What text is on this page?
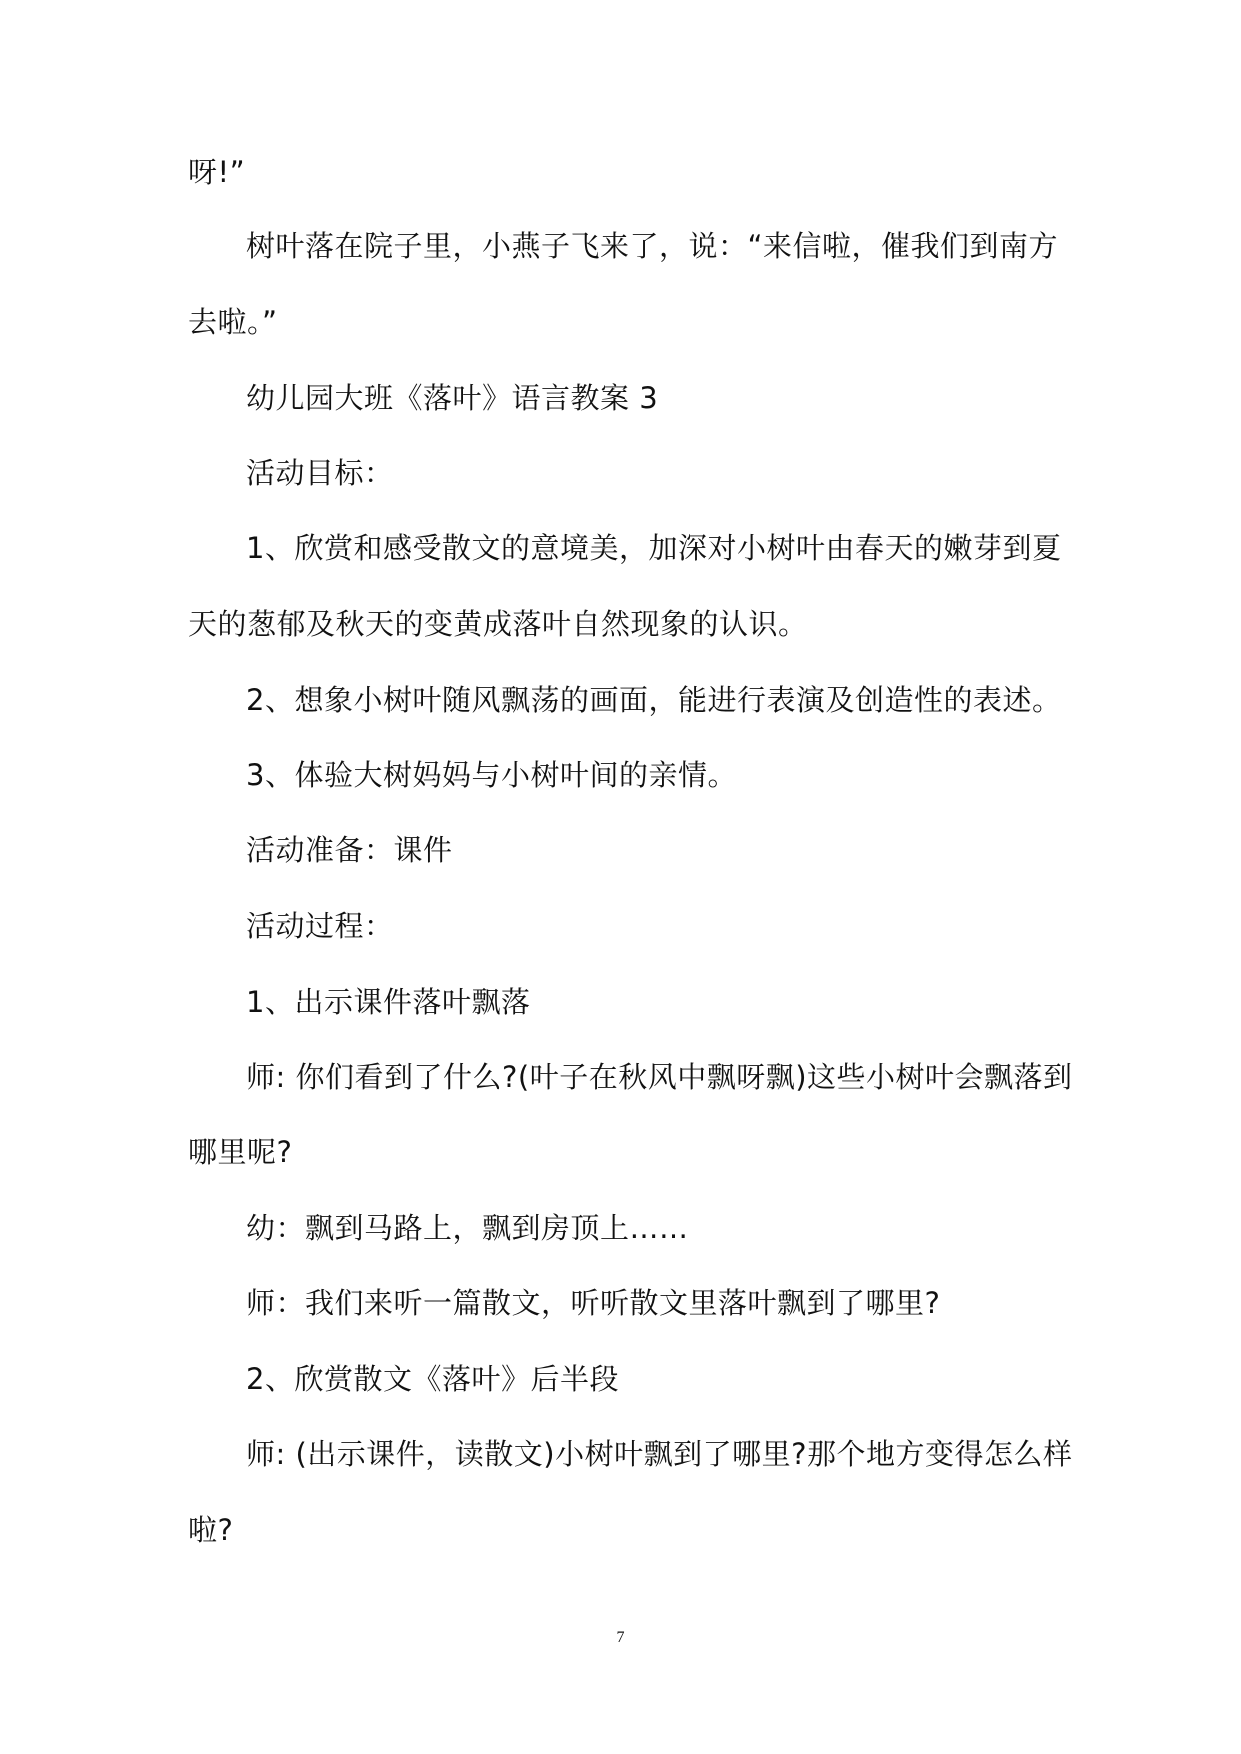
呀!”
树叶落在院子里，小燕子飞来了，说：“来信啦，催我们到南方
去啦。”
幼儿园大班《落叶》语言教案 3
活动目标：
1、欣赏和感受散文的意境美，加深对小树叶由春天的嫩芽到夏
天的葱郁及秋天的变黄成落叶自然现象的认识。
2、想象小树叶随风飘荡的画面，能进行表演及创造性的表述。
3、体验大树妈妈与小树叶间的亲情。
活动准备：课件
活动过程：
1、出示课件落叶飘落
师: 你们看到了什么?(叶子在秋风中飘呀飘)这些小树叶会飘落到
哪里呢?
幼：飘到马路上，飘到房顶上……
师：我们来听一篇散文，听听散文里落叶飘到了哪里?
2、欣赏散文《落叶》后半段
师: (出示课件，读散文)小树叶飘到了哪里?那个地方变得怎么样
啦?
7
